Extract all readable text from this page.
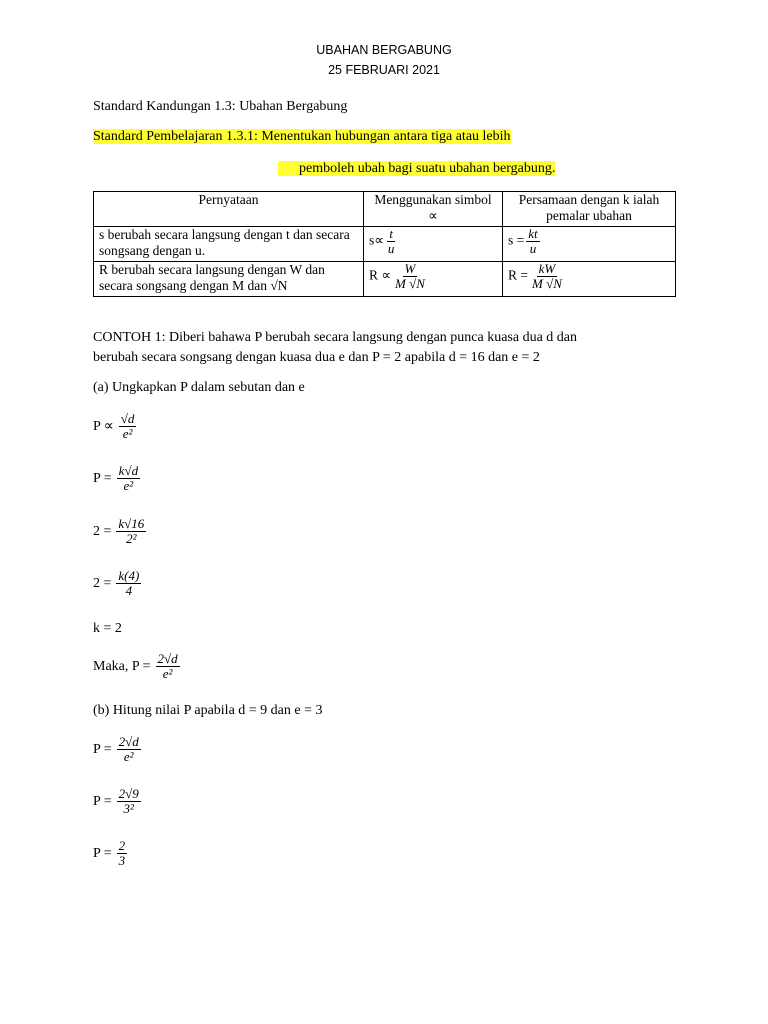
UBAHAN BERGABUNG
25 FEBRUARI 2021
Standard Kandungan 1.3: Ubahan Bergabung
Standard Pembelajaran 1.3.1: Menentukan hubungan antara tiga atau lebih
pemboleh ubah bagi suatu ubahan bergabung.
Pernyataan	Menggunakan simbol ∝	Persamaan dengan k ialah pemalar ubahan
s berubah secara langsung dengan t dan secara songsang dengan u.	$s\propto \frac{t}{u}$	$s = \frac{kt}{u}$

R berubah secara langsung dengan W dan secara songsang dengan M dan √N	$R \propto \frac{W}{M √N}$	$R = \frac{kW}{M √N}$
CONTOH 1: Diberi bahawa P berubah secara langsung dengan punca kuasa dua d dan
berubah secara songsang dengan kuasa dua e dan P = 2 apabila d = 16 dan e = 2
(a) Ungkapkan P dalam sebutan dan e
$P \propto \frac{√d}{\text{e²}}$
$P = \frac{k√d}{\text{e²}}$
$2 = \frac{k√16}{\text{2²}}$
$2 = \frac{k(4)}{4}$
k = 2
Maka, $P = \frac{2√d}{\text{e²}}$
(b) Hitung nilai P apabila d = 9 dan e = 3
$P = \frac{2√d}{\text{e²}}$
$P = \frac{2√9}{\text{3²}}$
$P = \frac{2}{3}$
